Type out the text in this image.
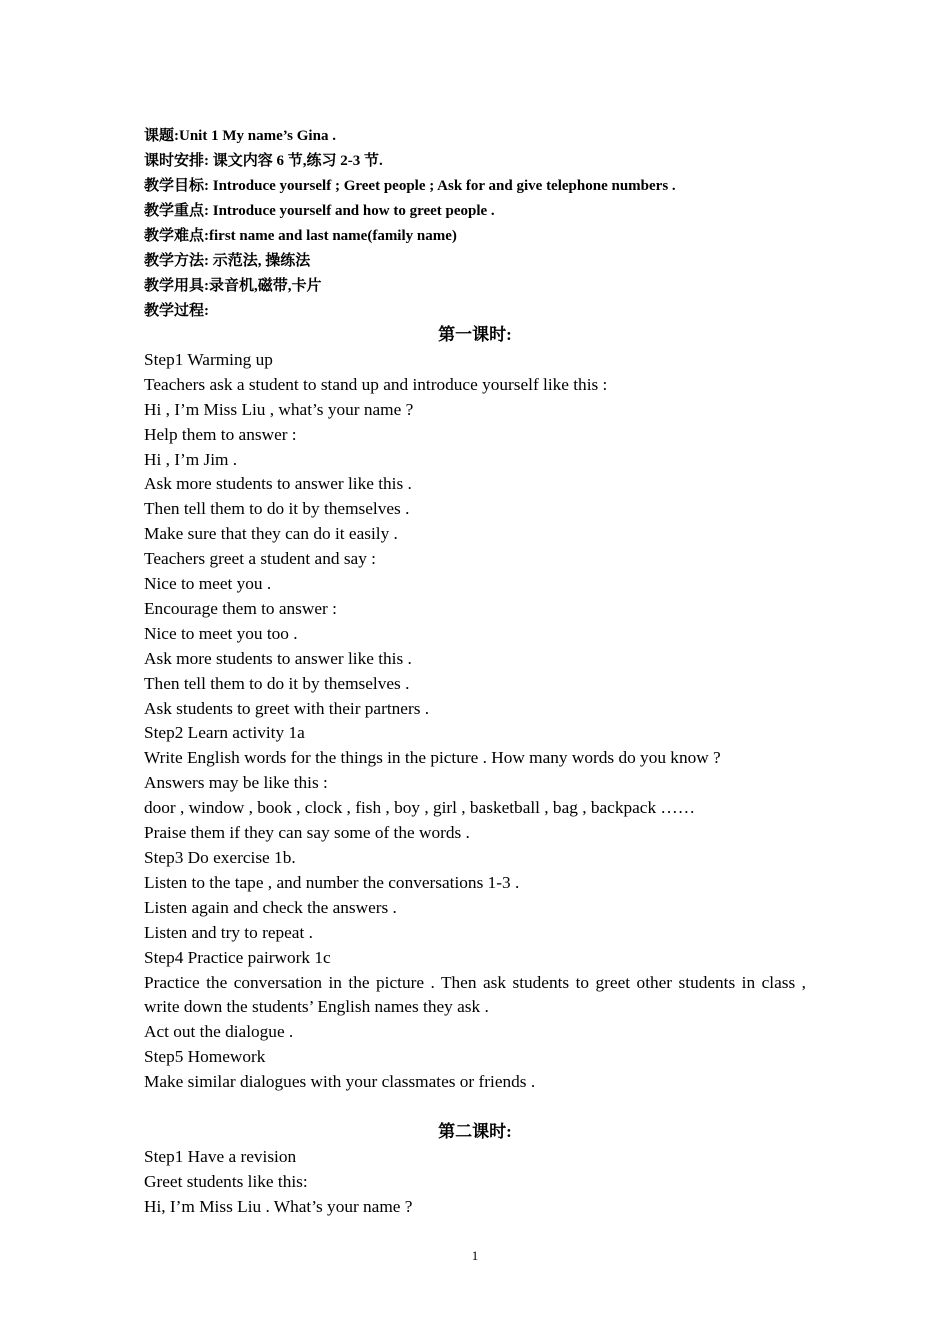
课题:Unit 1 My name’s Gina .
课时安排: 课文内容 6 节,练习 2-3 节.
教学目标: Introduce yourself ; Greet people ; Ask for and give telephone numbers .
教学重点: Introduce yourself and how to greet people .
教学难点:first name and last name(family name)
教学方法: 示范法, 操练法
教学用具:录音机,磁带,卡片
教学过程:
第一课时:
Step1 Warming up
Teachers ask a student to stand up and introduce yourself like this :
Hi , I’m Miss Liu , what’s your name ?
Help them to answer :
Hi , I’m Jim .
Ask more students to answer like this .
Then tell them to do it by themselves .
Make sure that they can do it easily .
Teachers greet a student and say :
Nice to meet you .
Encourage them to answer :
Nice to meet you too .
Ask more students to answer like this .
Then tell them to do it by themselves .
Ask students to greet with their partners .
Step2 Learn activity 1a
Write English words for the things in the picture . How many words do you know ?
Answers may be like this :
door , window , book , clock , fish , boy , girl , basketball , bag , backpack ……
Praise them if they can say some of the words .
Step3 Do exercise 1b.
Listen to the tape , and number the conversations 1-3 .
Listen again and check the answers .
Listen and try to repeat .
Step4 Practice pairwork 1c
Practice the conversation in the picture . Then ask students to greet other students in class , write down the students’ English names they ask .
Act out the dialogue .
Step5 Homework
Make similar dialogues with your classmates or friends .
第二课时:
Step1 Have a revision
Greet students like this:
Hi, I’m Miss Liu . What’s your name ?
1
